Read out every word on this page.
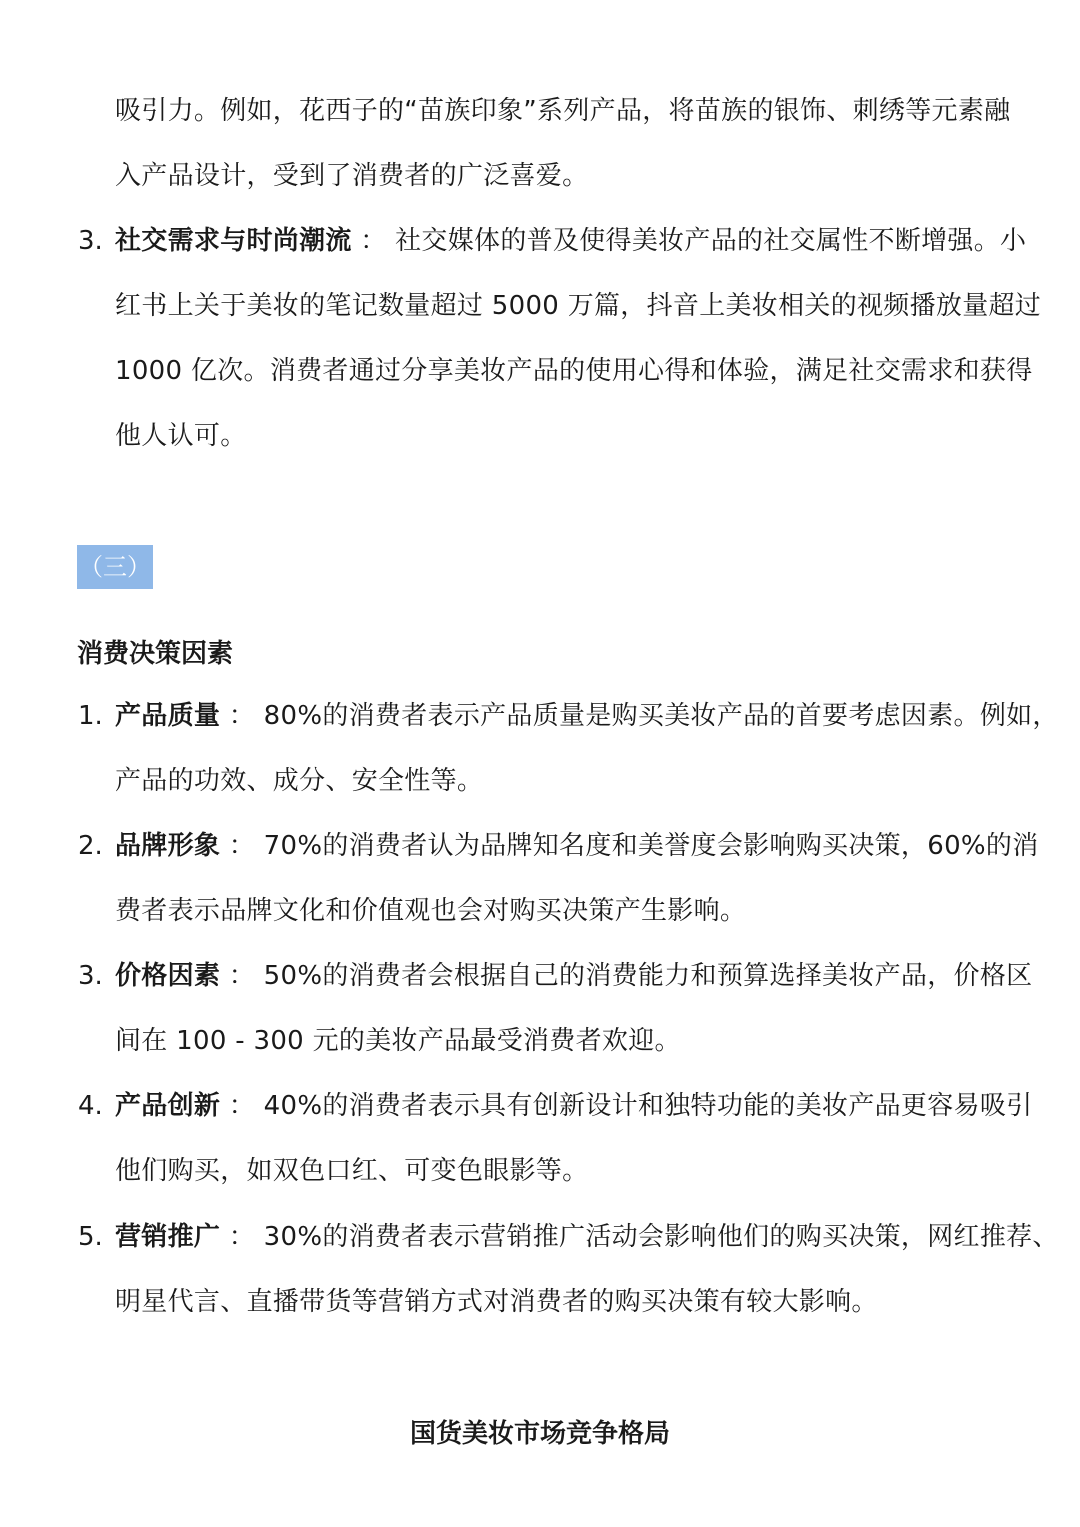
吸引力。例如，花西子的“苗族印象”系列产品，将苗族的银饰、刺绣等元素融
入产品设计，受到了消费者的广泛喜爱。
3. 社交需求与时尚潮流 ： 社交媒体的普及使得美妆产品的社交属性不断增强。小
红书上关于美妆的笔记数量超过 5000 万篇，抖音上美妆相关的视频播放量超过
1000 亿次。消费者通过分享美妆产品的使用心得和体验，满足社交需求和获得
他人认可。
（三）
消费决策因素
1. 产品质量 ： 80%的消费者表示产品质量是购买美妆产品的首要考虑因素。例如，
产品的功效、成分、安全性等。
2. 品牌形象 ： 70%的消费者认为品牌知名度和美誉度会影响购买决策，60%的消
费者表示品牌文化和价值观也会对购买决策产生影响。
3. 价格因素 ： 50%的消费者会根据自己的消费能力和预算选择美妆产品，价格区
间在 100 - 300 元的美妆产品最受消费者欢迎。
4. 产品创新 ： 40%的消费者表示具有创新设计和独特功能的美妆产品更容易吸引
他们购买，如双色口红、可变色眼影等。
5. 营销推广 ： 30%的消费者表示营销推广活动会影响他们的购买决策，网红推荐、
明星代言、直播带货等营销方式对消费者的购买决策有较大影响。
国货美妆市场竞争格局
